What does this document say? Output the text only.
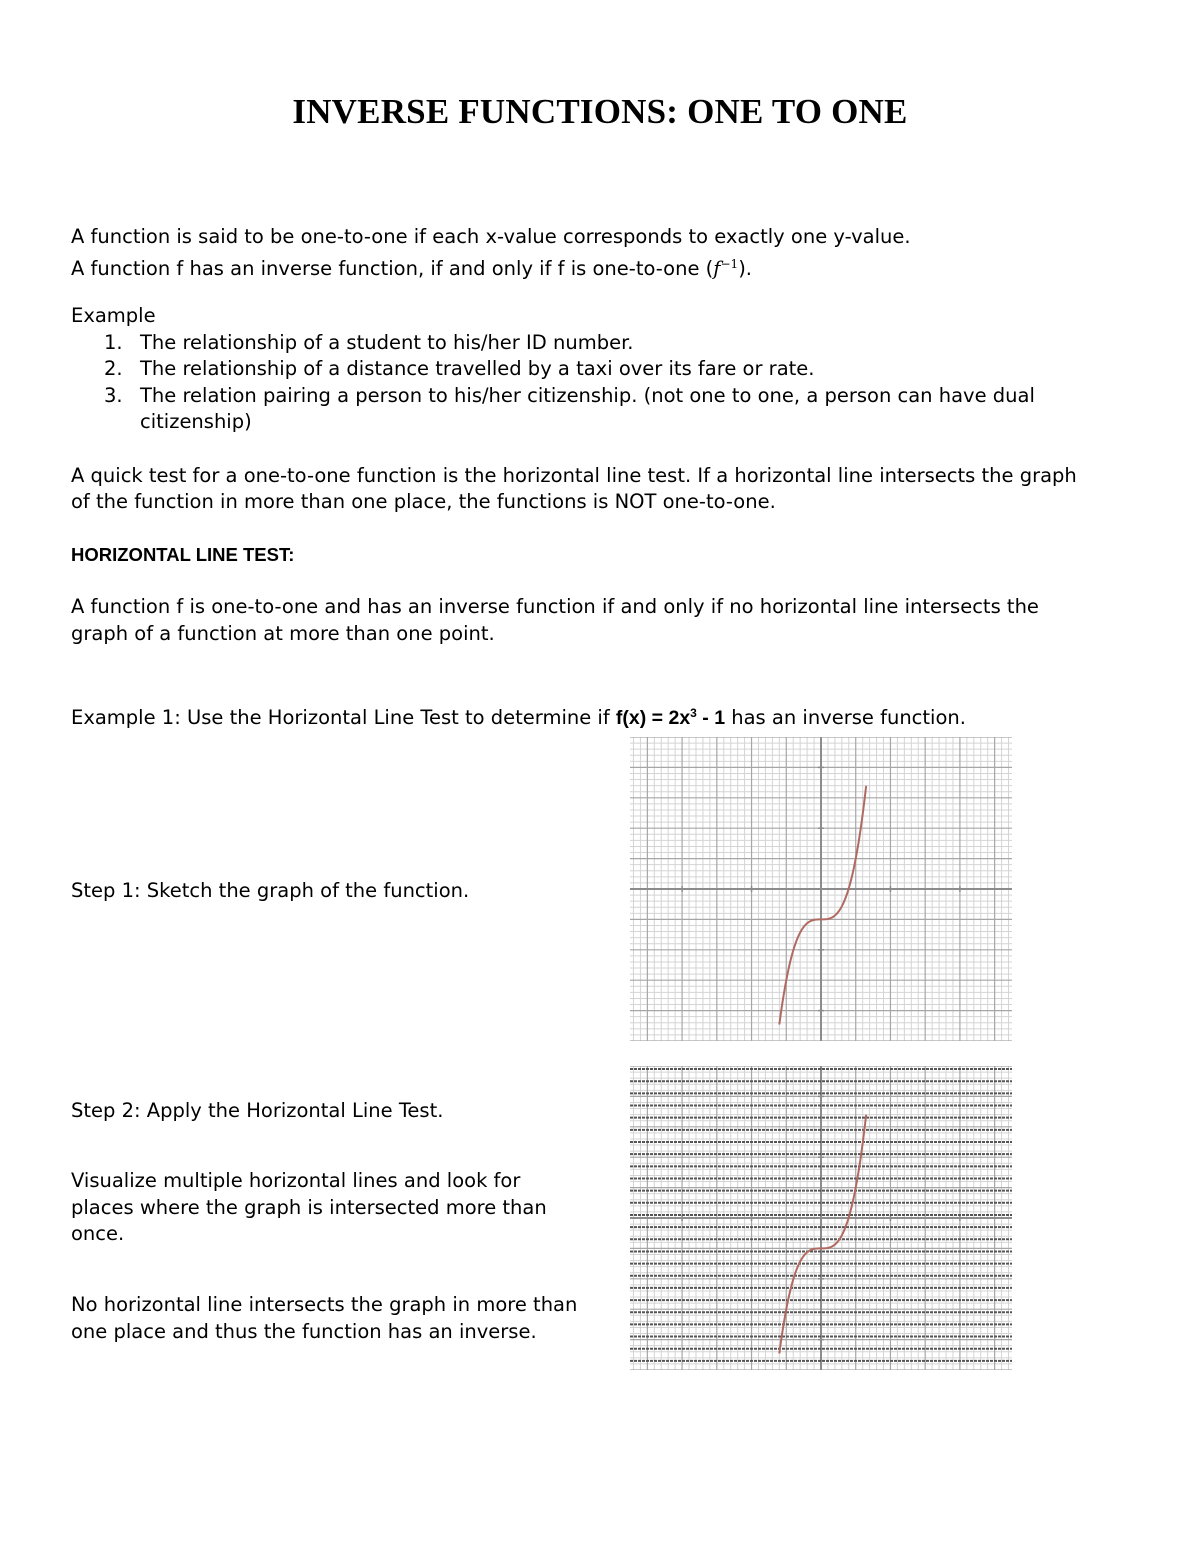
INVERSE FUNCTIONS: ONE TO ONE
A function is said to be one-to-one if each x-value corresponds to exactly one y-value.
A function f has an inverse function, if and only if f is one-to-one $(f^{-1})$.
Example
1. The relationship of a student to his/her ID number.
2. The relationship of a distance travelled by a taxi over its fare or rate.
3. The relation pairing a person to his/her citizenship. (not one to one, a person can have dual citizenship)
A quick test for a one-to-one function is the horizontal line test. If a horizontal line intersects the graph
of the function in more than one place, the functions is NOT one-to-one.
HORIZONTAL LINE TEST:
A function f is one-to-one and has an inverse function if and only if no horizontal line intersects the
graph of a function at more than one point.
Example 1: Use the Horizontal Line Test to determine if $f(x) = 2x^3 - 1$ has an inverse function.
Step 1: Sketch the graph of the function.
Step 2: Apply the Horizontal Line Test.
Visualize multiple horizontal lines and look for
places where the graph is intersected more than
once.
No horizontal line intersects the graph in more than
one place and thus the function has an inverse.
